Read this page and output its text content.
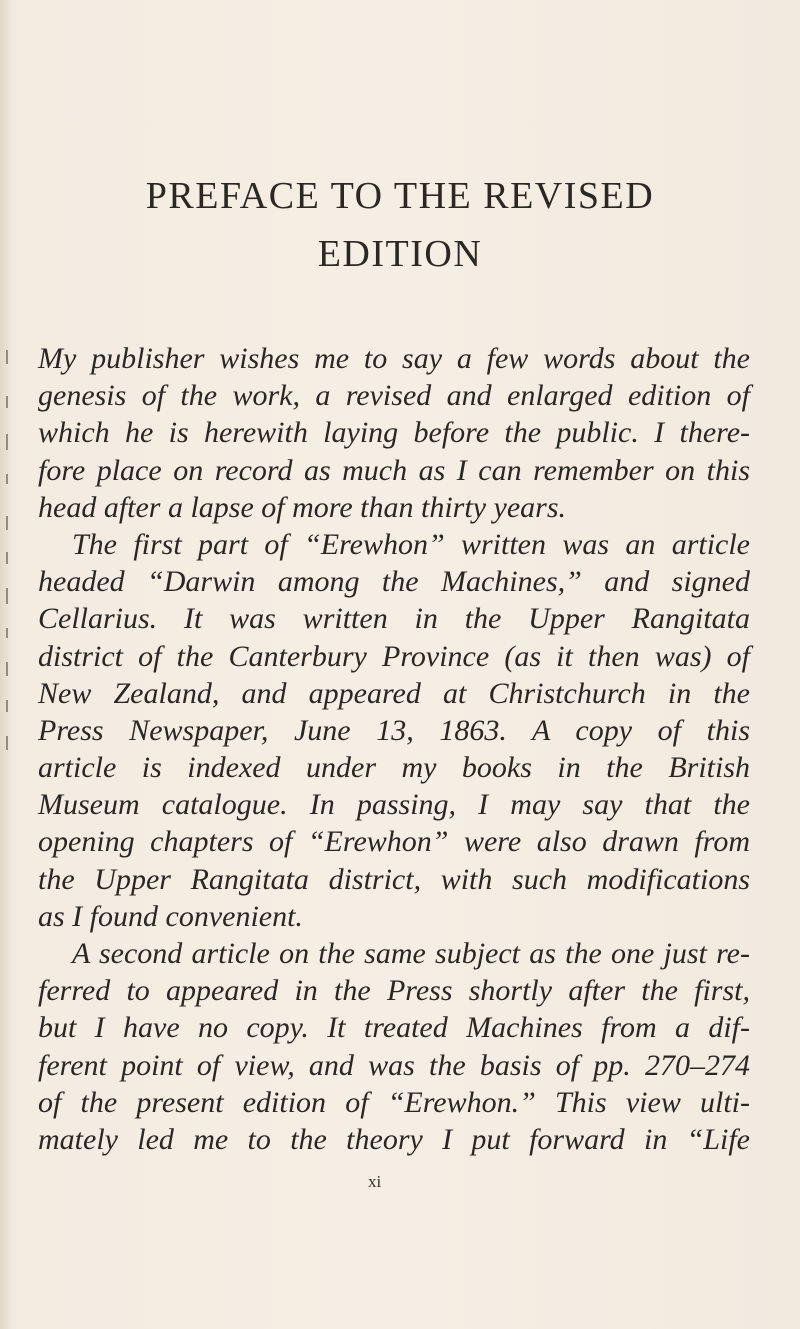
PREFACE TO THE REVISED
EDITION
My publisher wishes me to say a few words about the
genesis of the work, a revised and enlarged edition of
which he is herewith laying before the public. I there-
fore place on record as much as I can remember on this
head after a lapse of more than thirty years.
The first part of “Erewhon” written was an article
headed “Darwin among the Machines,” and signed
Cellarius. It was written in the Upper Rangitata
district of the Canterbury Province (as it then was) of
New Zealand, and appeared at Christchurch in the
Press Newspaper, June 13, 1863. A copy of this
article is indexed under my books in the British
Museum catalogue. In passing, I may say that the
opening chapters of “Erewhon” were also drawn from
the Upper Rangitata district, with such modifications
as I found convenient.
A second article on the same subject as the one just re-
ferred to appeared in the Press shortly after the first,
but I have no copy. It treated Machines from a dif-
ferent point of view, and was the basis of pp. 270–274
of the present edition of “Erewhon.” This view ulti-
mately led me to the theory I put forward in “Life
xi
